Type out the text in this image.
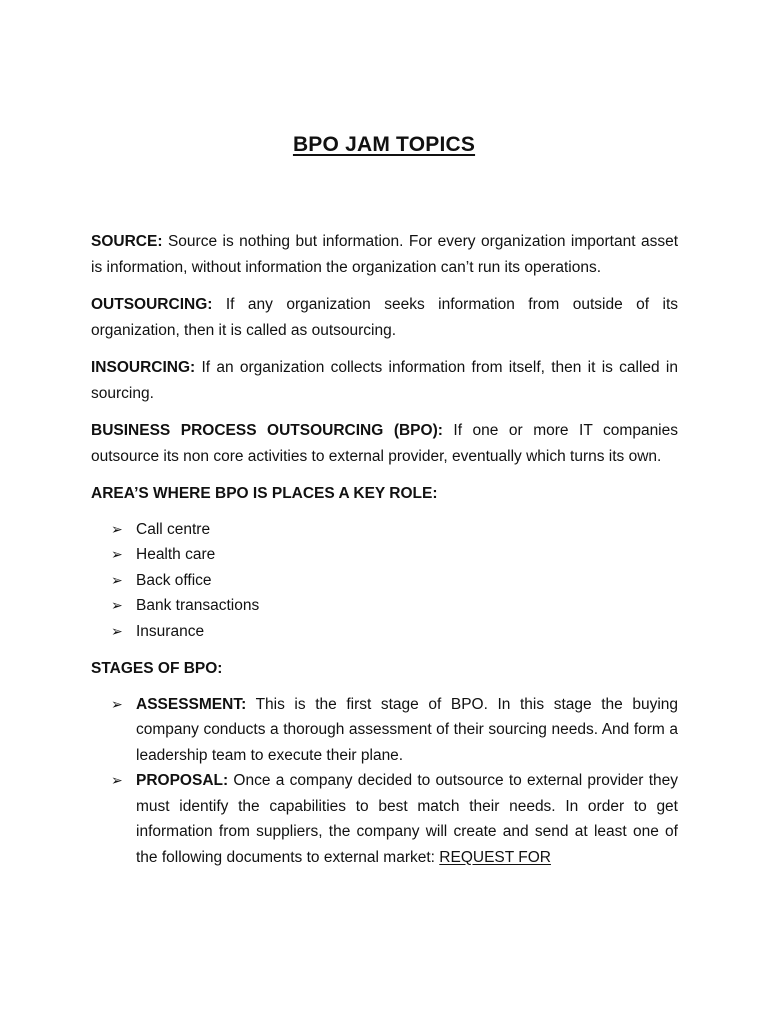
BPO JAM TOPICS

SOURCE: Source is nothing but information. For every organization important asset is information, without information the organization can’t run its operations.

OUTSOURCING: If any organization seeks information from outside of its organization, then it is called as outsourcing.

INSOURCING: If an organization collects information from itself, then it is called in sourcing.

BUSINESS PROCESS OUTSOURCING (BPO): If one or more IT companies outsource its non core activities to external provider, eventually which turns its own.

AREA’S WHERE BPO IS PLACES A KEY ROLE:

➢ Call centre
➢ Health care
➢ Back office
➢ Bank transactions
➢ Insurance

STAGES OF BPO:

➢ ASSESSMENT: This is the first stage of BPO. In this stage the buying company conducts a thorough assessment of their sourcing needs. And form a leadership team to execute their plane.
➢ PROPOSAL: Once a company decided to outsource to external provider they must identify the capabilities to best match their needs. In order to get information from suppliers, the company will create and send at least one of the following documents to external market: REQUEST FOR
